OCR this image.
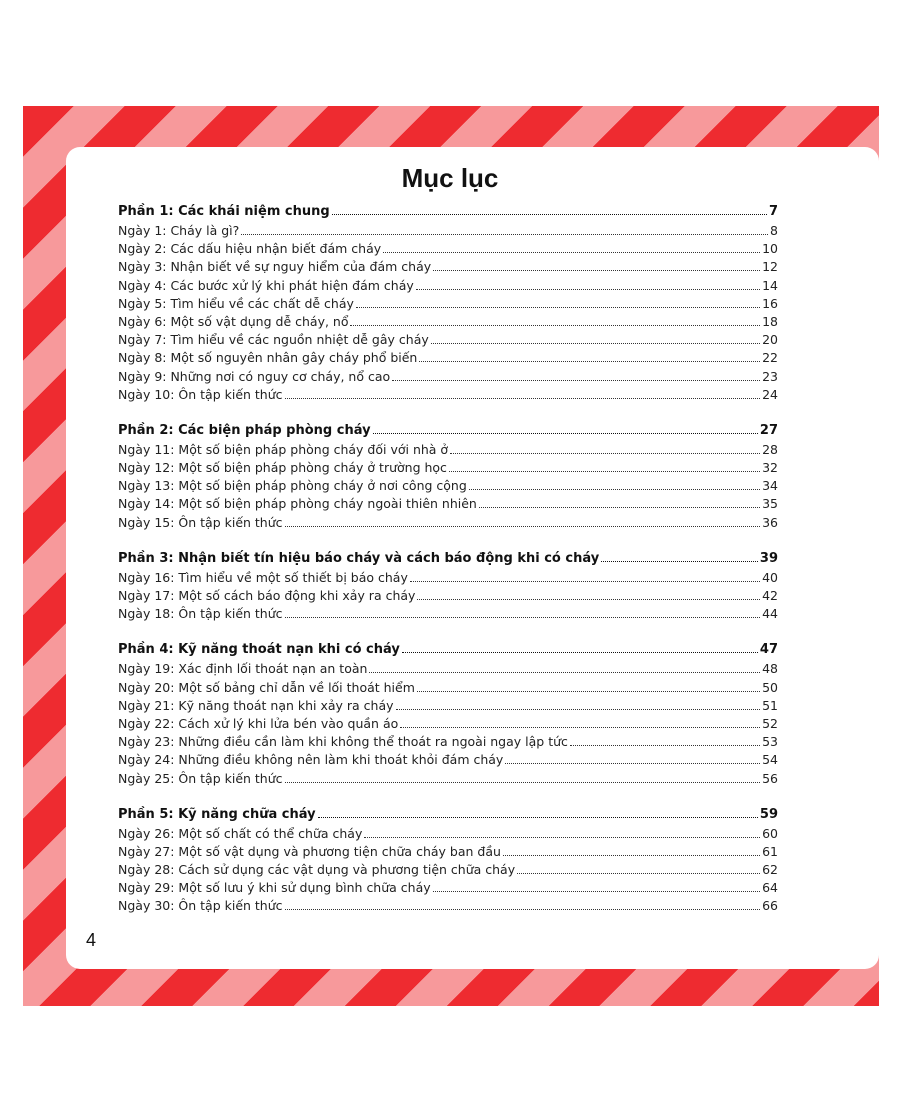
Mục lục
Phần 1: Các khái niệm chung	7
Ngày 1: Cháy là gì?	8
Ngày 2: Các dấu hiệu nhận biết đám cháy	10
Ngày 3: Nhận biết về sự nguy hiểm của đám cháy	12
Ngày 4: Các bước xử lý khi phát hiện đám cháy	14
Ngày 5: Tìm hiểu về các chất dễ cháy	16
Ngày 6: Một số vật dụng dễ cháy, nổ	18
Ngày 7: Tìm hiểu về các nguồn nhiệt dễ gây cháy	20
Ngày 8: Một số nguyên nhân gây cháy phổ biến	22
Ngày 9: Những nơi có nguy cơ cháy, nổ cao	23
Ngày 10: Ôn tập kiến thức	24
Phần 2: Các biện pháp phòng cháy	27
Ngày 11: Một số biện pháp phòng cháy đối với nhà ở	28
Ngày 12: Một số biện pháp phòng cháy ở trường học	32
Ngày 13: Một số biện pháp phòng cháy ở nơi công cộng	34
Ngày 14: Một số biện pháp phòng cháy ngoài thiên nhiên	35
Ngày 15: Ôn tập kiến thức	36
Phần 3: Nhận biết tín hiệu báo cháy và cách báo động khi có cháy	39
Ngày 16: Tìm hiểu về một số thiết bị báo cháy	40
Ngày 17: Một số cách báo động khi xảy ra cháy	42
Ngày 18: Ôn tập kiến thức	44
Phần 4: Kỹ năng thoát nạn khi có cháy	47
Ngày 19: Xác định lối thoát nạn an toàn	48
Ngày 20: Một số bảng chỉ dẫn về lối thoát hiểm	50
Ngày 21: Kỹ năng thoát nạn khi xảy ra cháy	51
Ngày 22: Cách xử lý khi lửa bén vào quần áo	52
Ngày 23: Những điều cần làm khi không thể thoát ra ngoài ngay lập tức	53
Ngày 24: Những điều không nên làm khi thoát khỏi đám cháy	54
Ngày 25: Ôn tập kiến thức	56
Phần 5: Kỹ năng chữa cháy	59
Ngày 26: Một số chất có thể chữa cháy	60
Ngày 27: Một số vật dụng và phương tiện chữa cháy ban đầu	61
Ngày 28: Cách sử dụng các vật dụng và phương tiện chữa cháy	62
Ngày 29: Một số lưu ý khi sử dụng bình chữa cháy	64
Ngày 30: Ôn tập kiến thức	66
4
